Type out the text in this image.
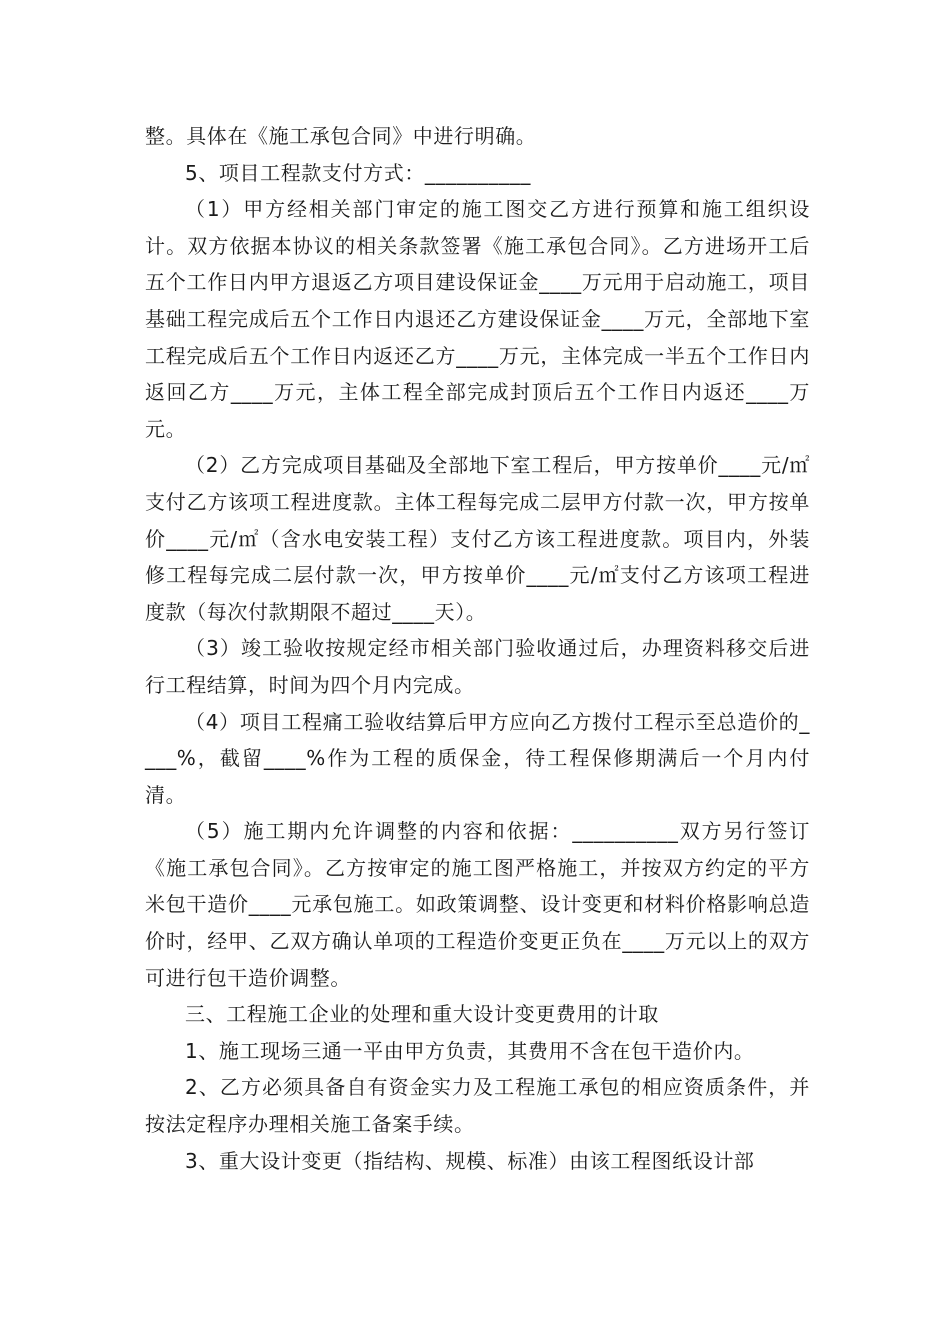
整。具体在《施工承包合同》中进行明确。

5、项目工程款支付方式：__________

（1）甲方经相关部门审定的施工图交乙方进行预算和施工组织设计。双方依据本协议的相关条款签署《施工承包合同》。乙方进场开工后五个工作日内甲方退返乙方项目建设保证金____万元用于启动施工，项目基础工程完成后五个工作日内退还乙方建设保证金____万元，全部地下室工程完成后五个工作日内返还乙方____万元，主体完成一半五个工作日内返回乙方____万元，主体工程全部完成封顶后五个工作日内返还____万元。

（2）乙方完成项目基础及全部地下室工程后，甲方按单价____元/㎡支付乙方该项工程进度款。主体工程每完成二层甲方付款一次，甲方按单价____元/㎡（含水电安装工程）支付乙方该工程进度款。项目内，外装修工程每完成二层付款一次，甲方按单价____元/㎡支付乙方该项工程进度款（每次付款期限不超过____天）。

（3）竣工验收按规定经市相关部门验收通过后，办理资料移交后进行工程结算，时间为四个月内完成。

（4）项目工程痛工验收结算后甲方应向乙方拨付工程示至总造价的____%，截留____%作为工程的质保金，待工程保修期满后一个月内付清。

（5）施工期内允许调整的内容和依据：__________双方另行签订《施工承包合同》。乙方按审定的施工图严格施工，并按双方约定的平方米包干造价____元承包施工。如政策调整、设计变更和材料价格影响总造价时，经甲、乙双方确认单项的工程造价变更正负在____万元以上的双方可进行包干造价调整。

三、工程施工企业的处理和重大设计变更费用的计取

1、施工现场三通一平由甲方负责，其费用不含在包干造价内。

2、乙方必须具备自有资金实力及工程施工承包的相应资质条件，并按法定程序办理相关施工备案手续。

3、重大设计变更（指结构、规模、标准）由该工程图纸设计部
